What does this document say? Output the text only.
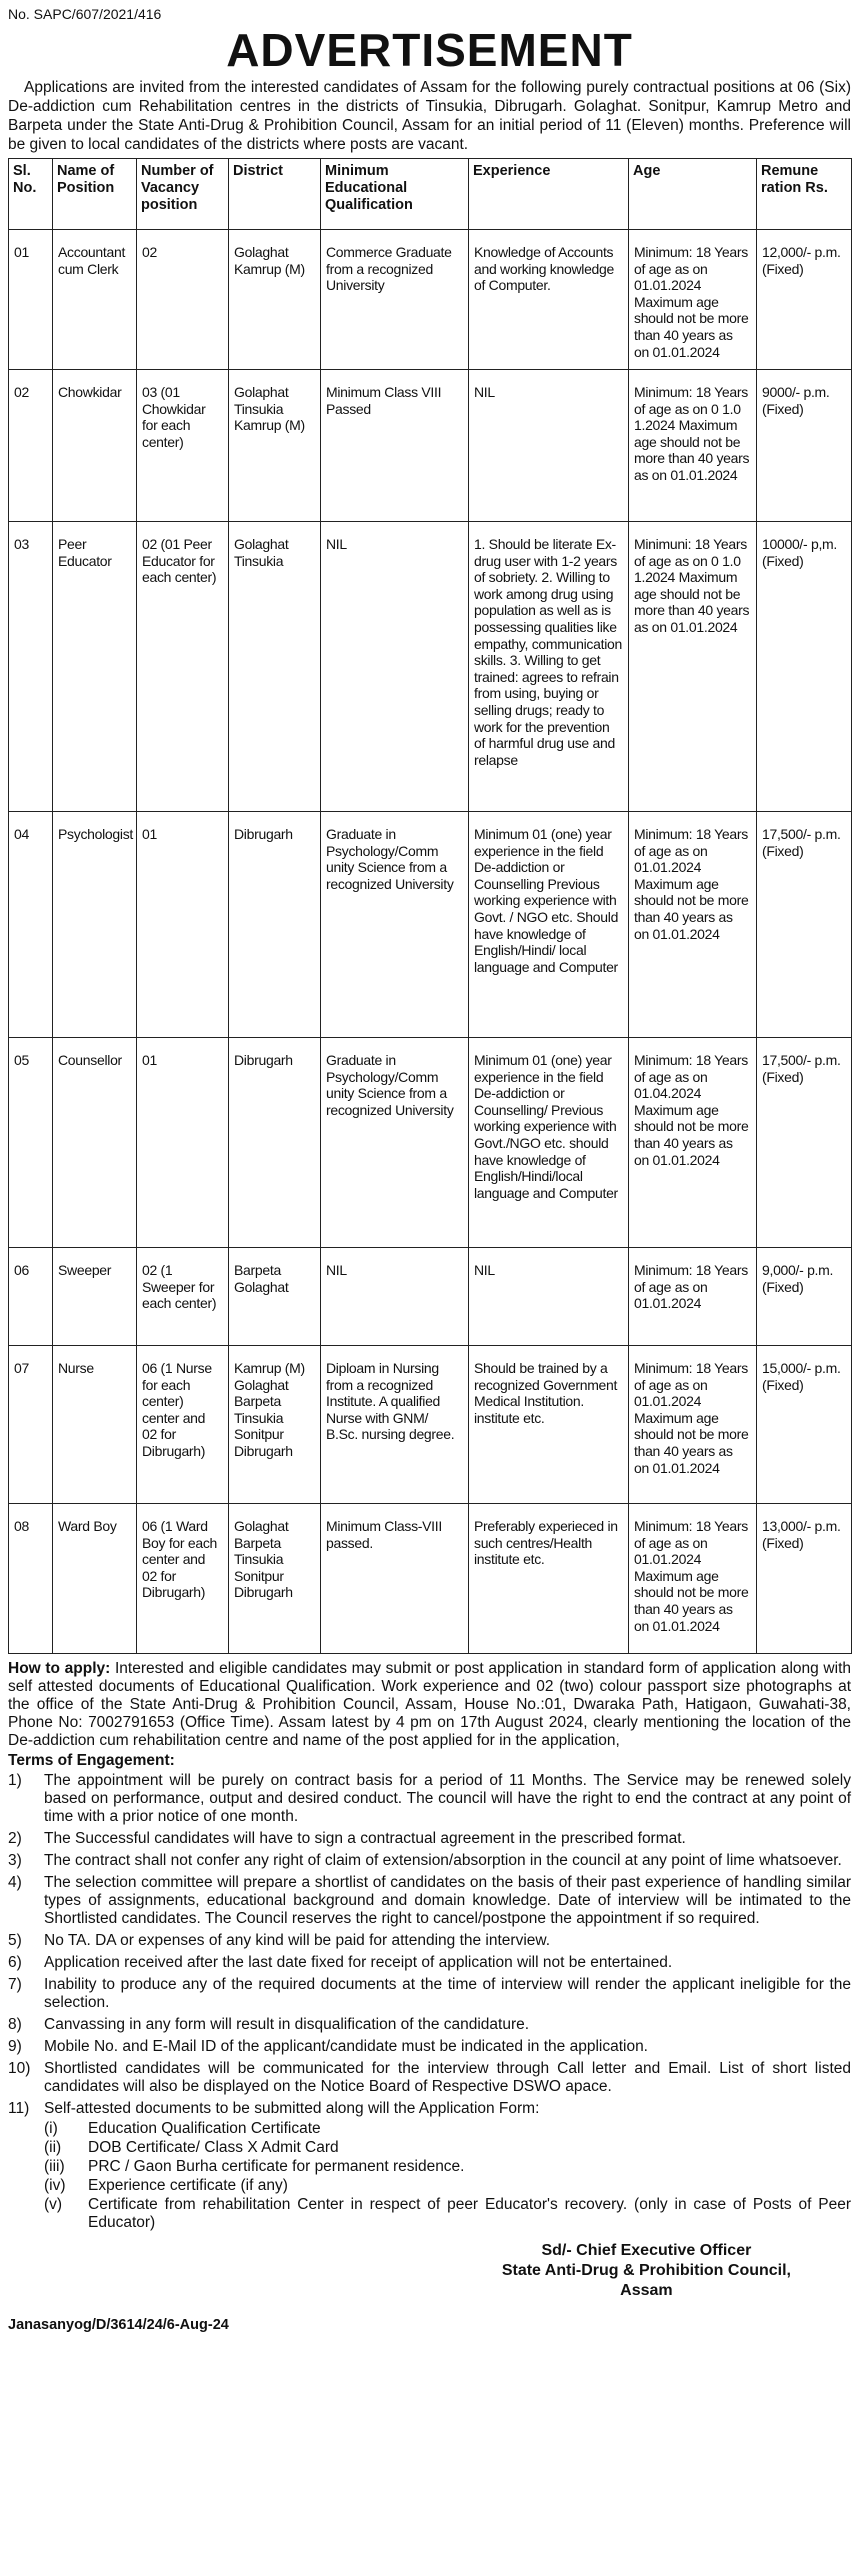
No. SAPC/607/2021/416
ADVERTISEMENT
Applications are invited from the interested candidates of Assam for the following purely contractual positions at 06 (Six) De-addiction cum Rehabilitation centres in the districts of Tinsukia, Dibrugarh. Golaghat. Sonitpur, Kamrup Metro and Barpeta under the State Anti-Drug & Prohibition Council, Assam for an initial period of 11 (Eleven) months. Preference will be given to local candidates of the districts where posts are vacant.
Sl. No.	Name of Position	Number of Vacancy position	District	Minimum Educational Qualification	Experience	Age	Remune ration Rs.
01	Accountant cum Clerk	02	Golaghat Kamrup (M)	Commerce Graduate from a recognized University	Knowledge of Accounts and working knowledge of Computer.	Minimum: 18 Years of age as on 01.01.2024 Maximum age should not be more than 40 years as on 01.01.2024	12,000/- p.m. (Fixed)
02	Chowkidar	03 (01 Chowkidar for each center)	Golaphat Tinsukia Kamrup (M)	Minimum Class VIII Passed	NIL	Minimum: 18 Years of age as on 0 1.0 1.2024 Maximum age should not be more than 40 years as on 01.01.2024	9000/- p.m. (Fixed)
03	Peer Educator	02 (01 Peer Educator for each center)	Golaghat Tinsukia	NIL	1. Should be literate Ex-drug user with 1-2 years of sobriety. 2. Willing to work among drug using population as well as is possessing qualities like empathy, communication skills. 3. Willing to get trained: agrees to refrain from using, buying or selling drugs; ready to work for the prevention of harmful drug use and relapse	Minimuni: 18 Years of age as on 0 1.0 1.2024 Maximum age should not be more than 40 years as on 01.01.2024	10000/- p,m. (Fixed)
04	Psychologist	01	Dibrugarh	Graduate in Psychology/Comm unity Science from a recognized University	Minimum 01 (one) year experience in the field De-addiction or Counselling Previous working experience with Govt. / NGO etc. Should have knowledge of English/Hindi/ local language and Computer	Minimum: 18 Years of age as on 01.01.2024 Maximum age should not be more than 40 years as on 01.01.2024	17,500/- p.m. (Fixed)
05	Counsellor	01	Dibrugarh	Graduate in Psychology/Comm unity Science from a recognized University	Minimum 01 (one) year experience in the field De-addiction or Counselling/ Previous working experience with Govt./NGO etc. should have knowledge of English/Hindi/local language and Computer	Minimum: 18 Years of age as on 01.04.2024 Maximum age should not be more than 40 years as on 01.01.2024	17,500/- p.m. (Fixed)
06	Sweeper	02 (1 Sweeper for each center)	Barpeta Golaghat	NIL	NIL	Minimum: 18 Years of age as on 01.01.2024	9,000/- p.m. (Fixed)
07	Nurse	06 (1 Nurse for each center) center and 02 for Dibrugarh)	Kamrup (M) Golaghat Barpeta Tinsukia Sonitpur Dibrugarh	Diploam in Nursing from a recognized Institute. A qualified Nurse with GNM/ B.Sc. nursing degree.	Should be trained by a recognized Government Medical Institution. institute etc.	Minimum: 18 Years of age as on 01.01.2024 Maximum age should not be more than 40 years as on 01.01.2024	15,000/- p.m. (Fixed)
08	Ward Boy	06 (1 Ward Boy for each center and 02 for Dibrugarh)	Golaghat Barpeta Tinsukia Sonitpur Dibrugarh	Minimum Class-VIII passed.	Preferably experieced in such centres/Health institute etc.	Minimum: 18 Years of age as on 01.01.2024 Maximum age should not be more than 40 years as on 01.01.2024	13,000/- p.m. (Fixed)
How to apply: Interested and eligible candidates may submit or post application in standard form of application along with self attested documents of Educational Qualification. Work experience and 02 (two) colour passport size photographs at the office of the State Anti-Drug & Prohibition Council, Assam, House No.:01, Dwaraka Path, Hatigaon, Guwahati-38, Phone No: 7002791653 (Office Time). Assam latest by 4 pm on 17th August 2024, clearly mentioning the location of the De-addiction cum rehabilitation centre and name of the post applied for in the application,
Terms of Engagement:
1)	The appointment will be purely on contract basis for a period of 11 Months. The Service may be renewed solely based on performance, output and desired conduct. The council will have the right to end the contract at any point of time with a prior notice of one month.
2)	The Successful candidates will have to sign a contractual agreement in the prescribed format.
3)	The contract shall not confer any right of claim of extension/absorption in the council at any point of lime whatsoever.
4)	The selection committee will prepare a shortlist of candidates on the basis of their past experience of handling similar types of assignments, educational background and domain knowledge. Date of interview will be intimated to the Shortlisted candidates. The Council reserves the right to cancel/postpone the appointment if so required.
5)	No TA. DA or expenses of any kind will be paid for attending the interview.
6)	Application received after the last date fixed for receipt of application will not be entertained.
7)	Inability to produce any of the required documents at the time of interview will render the applicant ineligible for the selection.
8)	Canvassing in any form will result in disqualification of the candidature.
9)	Mobile No. and E-Mail ID of the applicant/candidate must be indicated in the application.
10) Shortlisted candidates will be communicated for the interview through Call letter and Email. List of short listed candidates will also be displayed on the Notice Board of Respective DSWO apace.
11) Self-attested documents to be submitted along will the Application Form:
(i)	Education Qualification Certificate
(ii)	DOB Certificate/ Class X Admit Card
(iii)	PRC / Gaon Burha certificate for permanent residence.
(iv)	Experience certificate (if any)
(v)	Certificate from rehabilitation Center in respect of peer Educator's recovery. (only in case of Posts of Peer Educator)
Sd/- Chief Executive Officer
State Anti-Drug & Prohibition Council,
Assam
Janasanyog/D/3614/24/6-Aug-24
